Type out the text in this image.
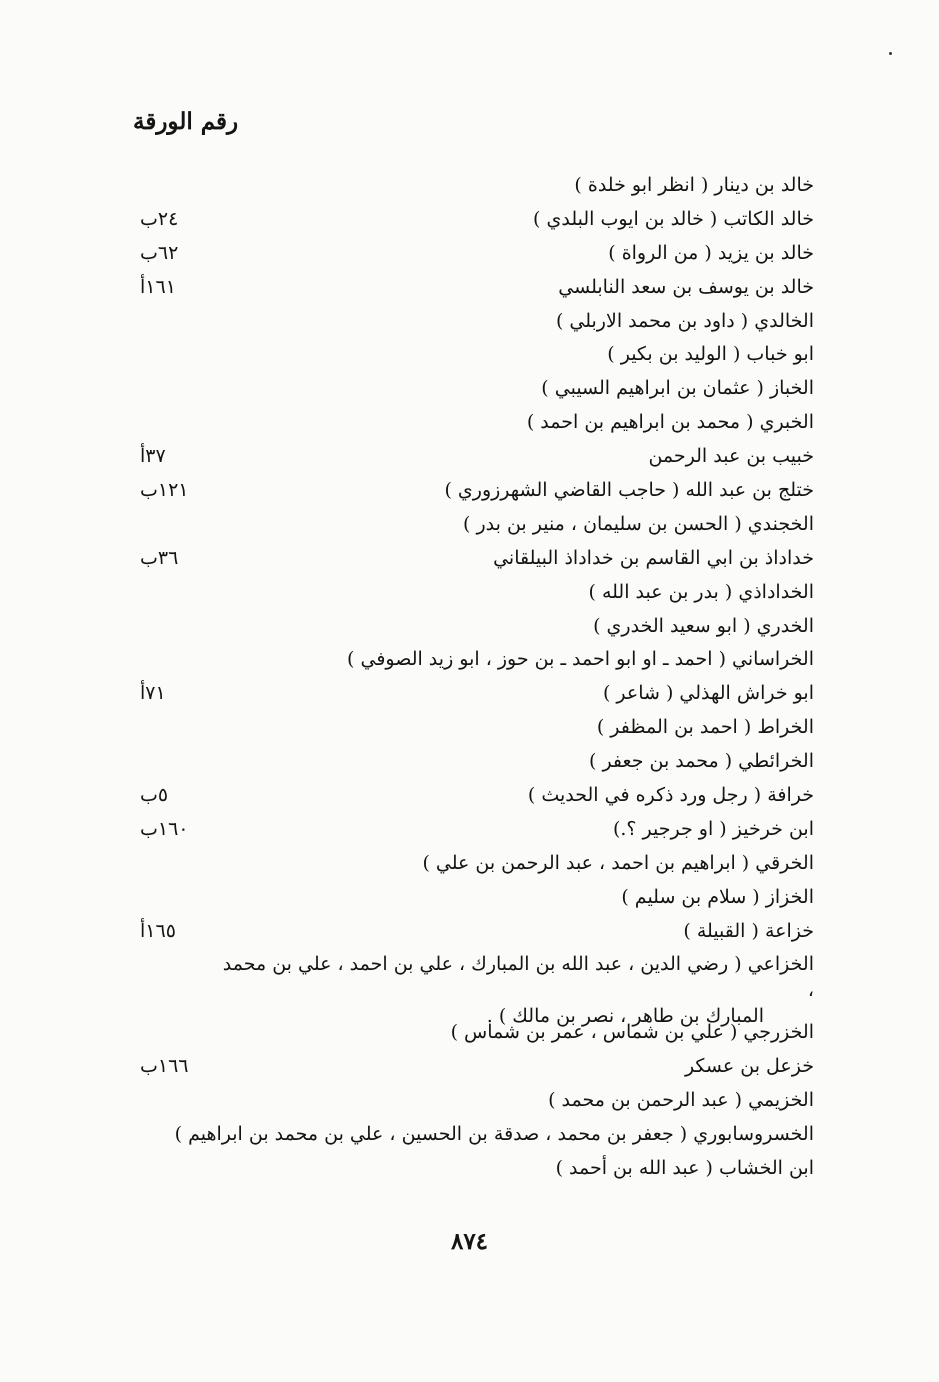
رقم الورقة
خالد بن دينار ( انظر ابو خلدة )
خالد الكاتب ( خالد بن ايوب البلدي )
٢٤ب
خالد بن يزيد ( من الرواة )
٦٢ب
خالد بن يوسف بن سعد النابلسي
١٦١أ
الخالدي ( داود بن محمد الاربلي )
ابو خباب ( الوليد بن بكير )
الخباز ( عثمان بن ابراهيم السيبي )
الخبري ( محمد بن ابراهيم بن احمد )
خبيب بن عبد الرحمن
٣٧أ
ختلج بن عبد الله ( حاجب القاضي الشهرزوري )
١٢١ب
الخجندي ( الحسن بن سليمان ، منير بن بدر )
خداداذ بن ابي القاسم بن خداداذ البيلقاني
٣٦ب
الخداداذي ( بدر بن عبد الله )
الخدري ( ابو سعيد الخدري )
الخراساني ( احمد ـ او ابو احمد ـ بن حوز ، ابو زيد الصوفي )
ابو خراش الهذلي ( شاعر )
٧١أ
الخراط ( احمد بن المظفر )
الخرائطي ( محمد بن جعفر )
خرافة ( رجل ورد ذكره في الحديث )
٥ب
ابن خرخيز ( او جرجير ؟.)
١٦٠ب
الخرقي ( ابراهيم بن احمد ، عبد الرحمن بن علي )
الخزاز ( سلام بن سليم )
خزاعة ( القبيلة )
١٦٥أ
الخزاعي ( رضي الدين ، عبد الله بن المبارك ، علي بن احمد ، علي بن محمد ،
المبارك بن طاهر ، نصر بن مالك ) .
الخزرجي ( علي بن شماس ، عمر بن شماس )
خزعل بن عسكر
١٦٦ب
الخزيمي ( عبد الرحمن بن محمد )
الخسروسابوري ( جعفر بن محمد ، صدقة بن الحسين ، علي بن محمد بن ابراهيم )
ابن الخشاب ( عبد الله بن أحمد )
٨٧٤
